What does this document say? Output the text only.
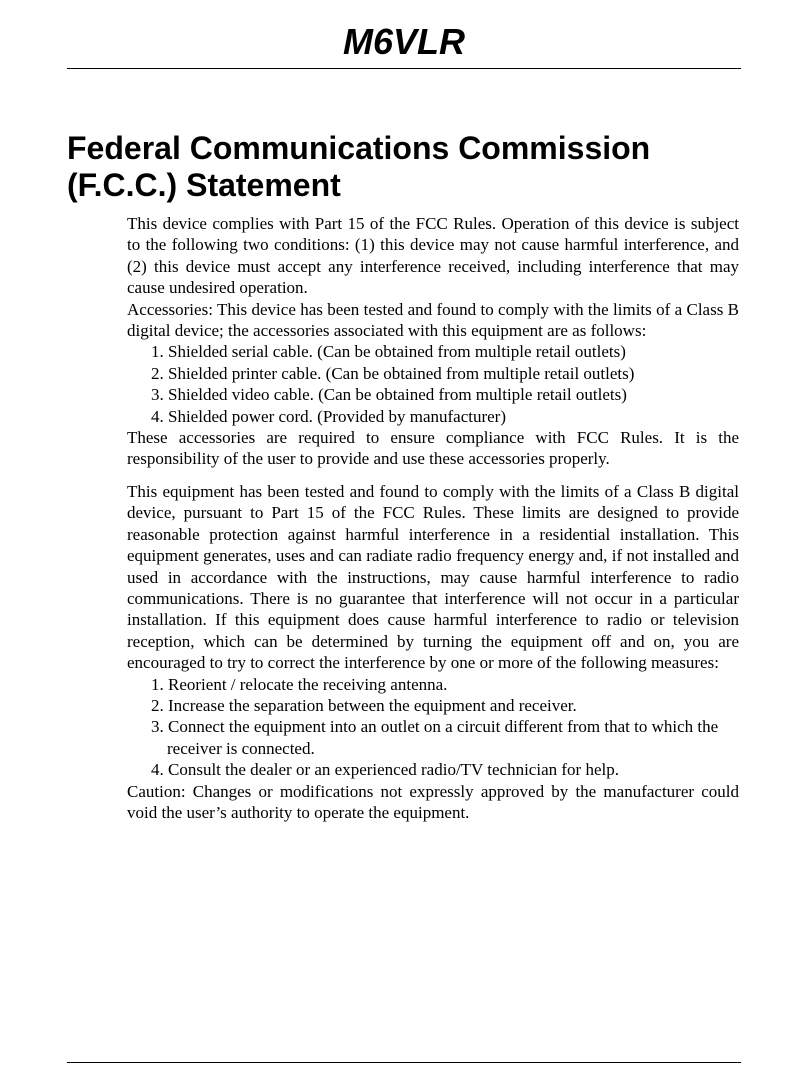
M6VLR
Federal Communications Commission
(F.C.C.) Statement

This device complies with Part 15 of the FCC Rules. Operation of this device is subject to the following two conditions: (1) this device may not cause harmful interference, and (2) this device must accept any interference received, including interference that may cause undesired operation.

Accessories: This device has been tested and found to comply with the limits of a Class B digital device; the accessories associated with this equipment are as follows:

1. Shielded serial cable. (Can be obtained from multiple retail outlets)
2. Shielded printer cable. (Can be obtained from multiple retail outlets)
3. Shielded video cable. (Can be obtained from multiple retail outlets)
4. Shielded power cord. (Provided by manufacturer)

These accessories are required to ensure compliance with FCC Rules. It is the responsibility of the user to provide and use these accessories properly.

This equipment has been tested and found to comply with the limits of a Class B digital device, pursuant to Part 15 of the FCC Rules. These limits are designed to provide reasonable protection against harmful interference in a residential installation. This equipment generates, uses and can radiate radio frequency energy and, if not installed and used in accordance with the instructions, may cause harmful interference to radio communications. There is no guarantee that interference will not occur in a particular installation. If this equipment does cause harmful interference to radio or television reception, which can be determined by turning the equipment off and on, you are encouraged to try to correct the interference by one or more of the following measures:

1. Reorient / relocate the receiving antenna.
2. Increase the separation between the equipment and receiver.
3. Connect the equipment into an outlet on a circuit different from that to which the receiver is connected.
4. Consult the dealer or an experienced radio/TV technician for help.

Caution: Changes or modifications not expressly approved by the manufacturer could void the user’s authority to operate the equipment.
